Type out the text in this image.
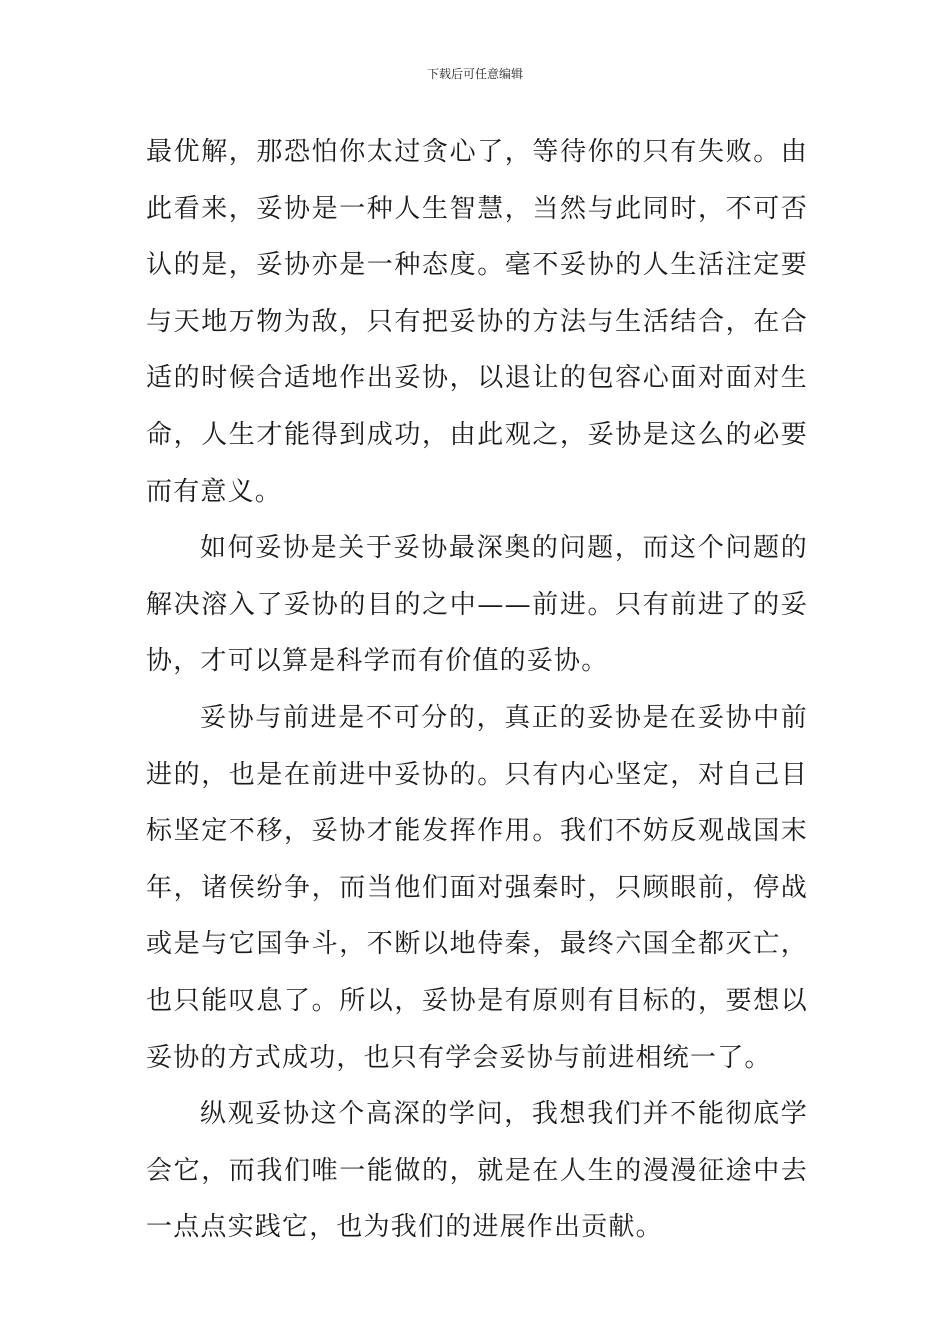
下载后可任意编辑

最优解，那恐怕你太过贪心了，等待你的只有失败。由此看来，妥协是一种人生智慧，当然与此同时，不可否认的是，妥协亦是一种态度。毫不妥协的人生活注定要与天地万物为敌，只有把妥协的方法与生活结合，在合适的时候合适地作出妥协，以退让的包容心面对面对生命，人生才能得到成功，由此观之，妥协是这么的必要而有意义。

如何妥协是关于妥协最深奥的问题，而这个问题的解决溶入了妥协的目的之中——前进。只有前进了的妥协，才可以算是科学而有价值的妥协。

妥协与前进是不可分的，真正的妥协是在妥协中前进的，也是在前进中妥协的。只有内心坚定，对自己目标坚定不移，妥协才能发挥作用。我们不妨反观战国末年，诸侯纷争，而当他们面对强秦时，只顾眼前，停战或是与它国争斗，不断以地侍秦，最终六国全都灭亡，也只能叹息了。所以，妥协是有原则有目标的，要想以妥协的方式成功，也只有学会妥协与前进相统一了。

纵观妥协这个高深的学问，我想我们并不能彻底学会它，而我们唯一能做的，就是在人生的漫漫征途中去一点点实践它，也为我们的进展作出贡献。
